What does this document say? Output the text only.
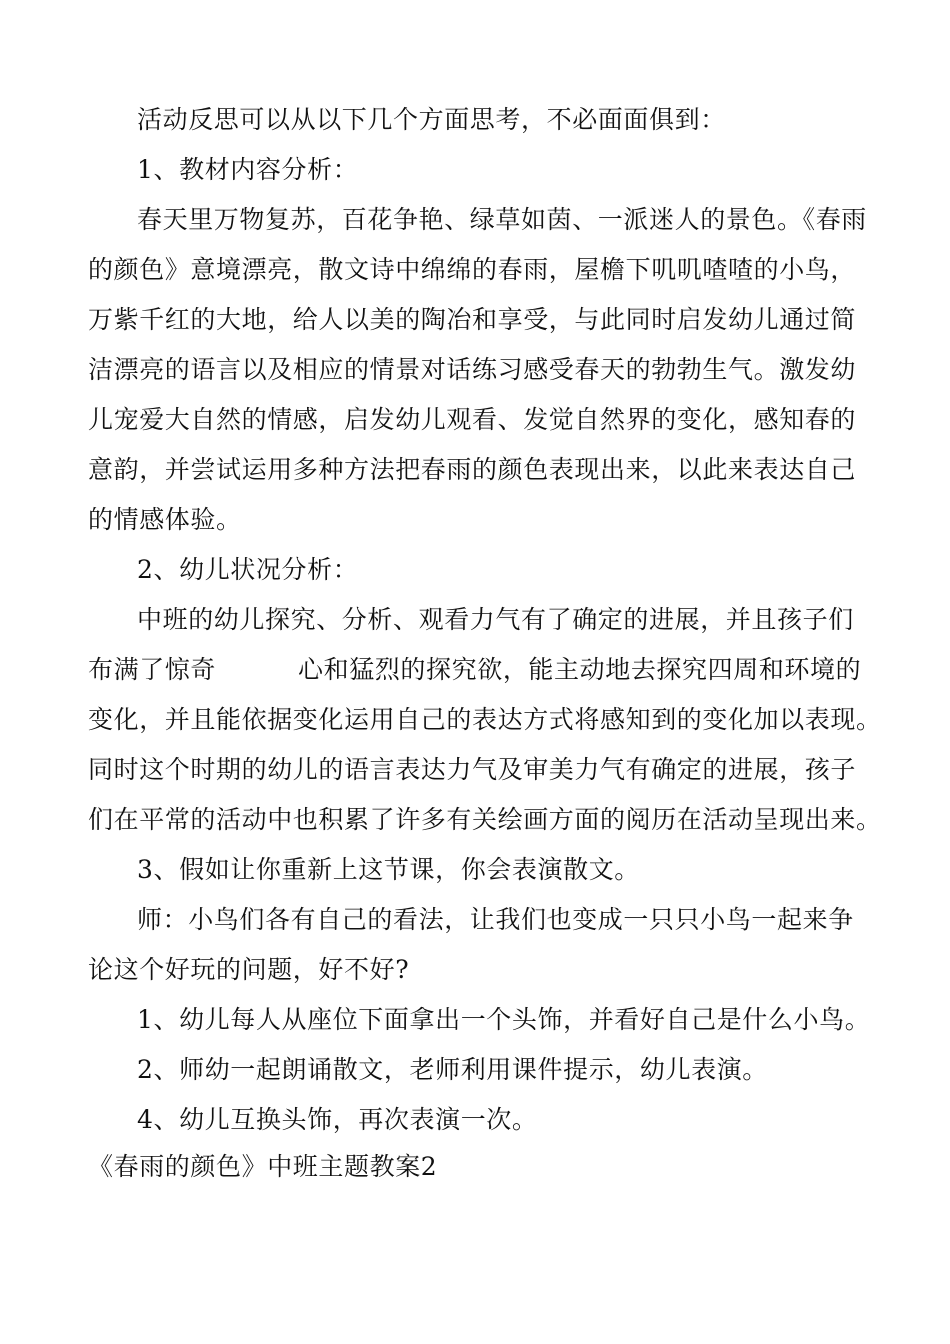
活动反思可以从以下几个方面思考，不必面面俱到：
1、教材内容分析：
春天里万物复苏，百花争艳、绿草如茵、一派迷人的景色。《春雨
的颜色》意境漂亮，散文诗中绵绵的春雨，屋檐下叽叽喳喳的小鸟，
万紫千红的大地，给人以美的陶冶和享受，与此同时启发幼儿通过简
洁漂亮的语言以及相应的情景对话练习感受春天的勃勃生气。激发幼
儿宠爱大自然的情感，启发幼儿观看、发觉自然界的变化，感知春的
意韵，并尝试运用多种方法把春雨的颜色表现出来，以此来表达自己
的情感体验。
2、幼儿状况分析：
中班的幼儿探究、分析、观看力气有了确定的进展，并且孩子们
布满了惊奇	心和猛烈的探究欲，能主动地去探究四周和环境的
变化，并且能依据变化运用自己的表达方式将感知到的变化加以表现。
同时这个时期的幼儿的语言表达力气及审美力气有确定的进展，孩子
们在平常的活动中也积累了许多有关绘画方面的阅历在活动呈现出来。
3、假如让你重新上这节课，你会表演散文。
师：小鸟们各有自己的看法，让我们也变成一只只小鸟一起来争
论这个好玩的问题，好不好?
1、幼儿每人从座位下面拿出一个头饰，并看好自己是什么小鸟。
2、师幼一起朗诵散文，老师利用课件提示，幼儿表演。
4、幼儿互换头饰，再次表演一次。
《春雨的颜色》中班主题教案2
